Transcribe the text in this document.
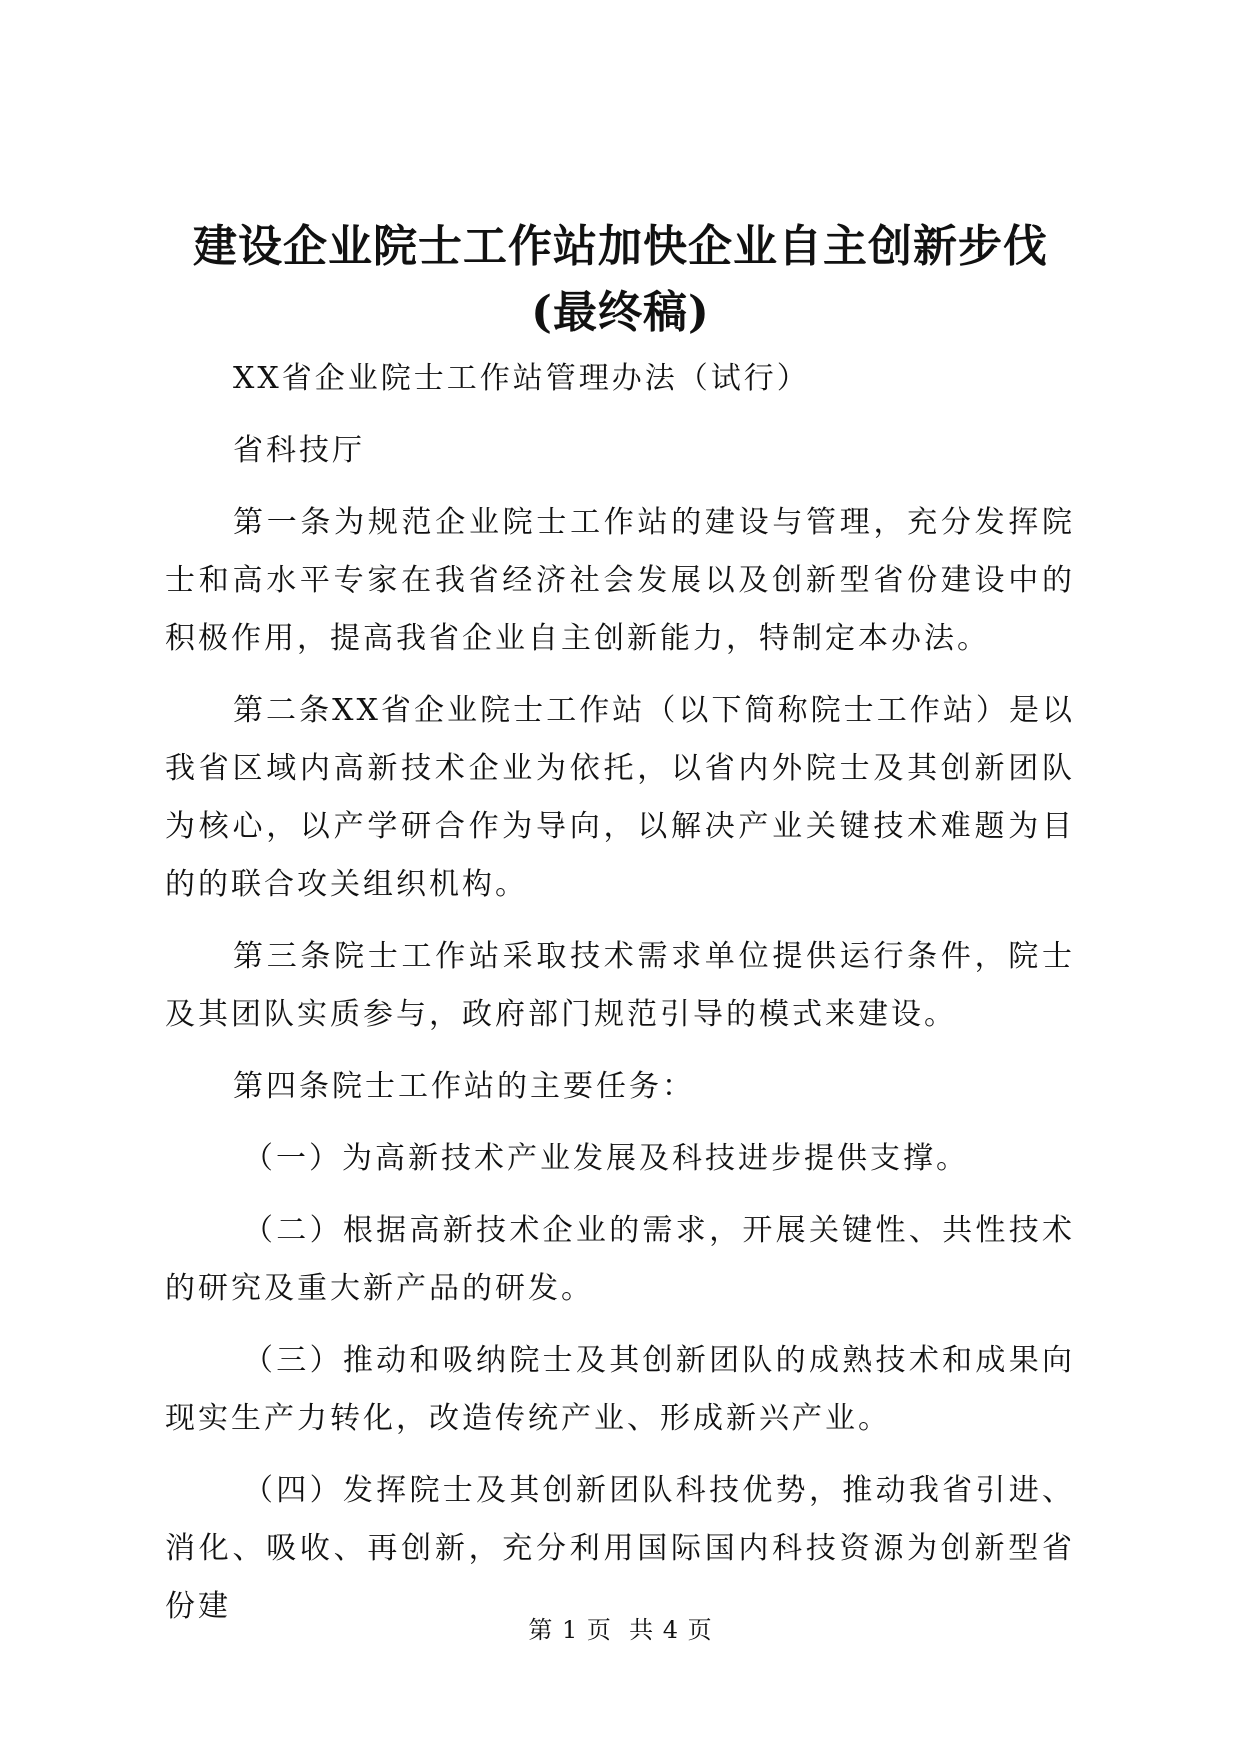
建设企业院士工作站加快企业自主创新步伐
(最终稿)

XX省企业院士工作站管理办法（试行）

省科技厅

第一条为规范企业院士工作站的建设与管理，充分发挥院士和高水平专家在我省经济社会发展以及创新型省份建设中的积极作用，提高我省企业自主创新能力，特制定本办法。

第二条XX省企业院士工作站（以下简称院士工作站）是以我省区域内高新技术企业为依托，以省内外院士及其创新团队为核心，以产学研合作为导向，以解决产业关键技术难题为目的的联合攻关组织机构。

第三条院士工作站采取技术需求单位提供运行条件，院士及其团队实质参与，政府部门规范引导的模式来建设。

第四条院士工作站的主要任务：

（一）为高新技术产业发展及科技进步提供支撑。

（二）根据高新技术企业的需求，开展关键性、共性技术的研究及重大新产品的研发。

（三）推动和吸纳院士及其创新团队的成熟技术和成果向现实生产力转化，改造传统产业、形成新兴产业。

（四）发挥院士及其创新团队科技优势，推动我省引进、消化、吸收、再创新，充分利用国际国内科技资源为创新型省份建

第 1 页  共 4 页
